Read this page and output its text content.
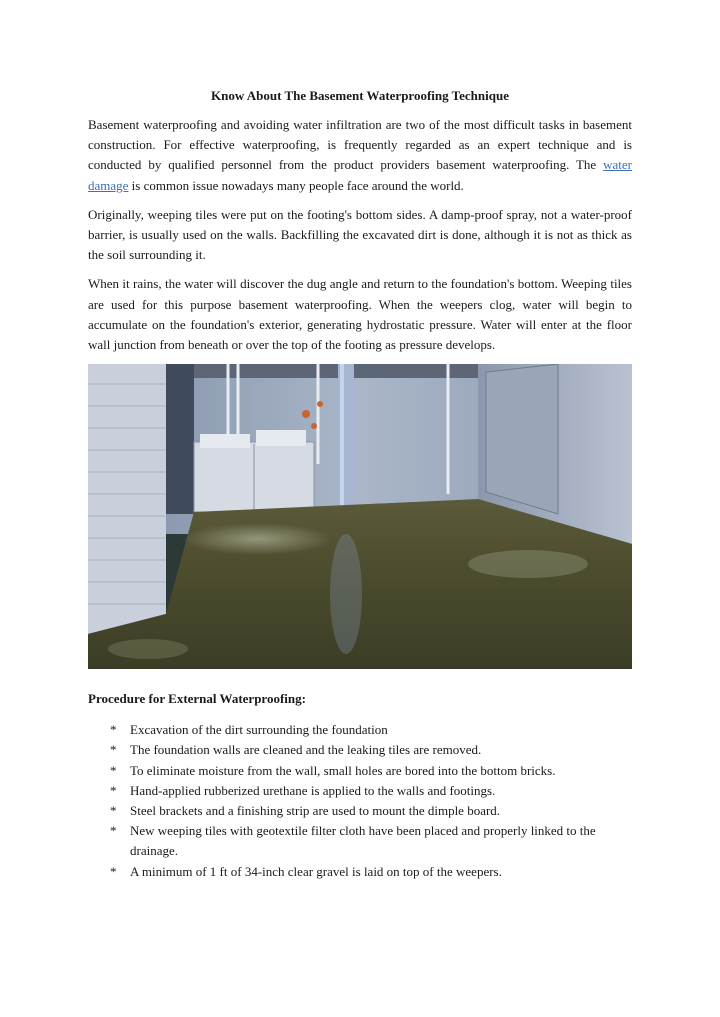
Know About The Basement Waterproofing Technique

Basement waterproofing and avoiding water infiltration are two of the most difficult tasks in basement construction. For effective waterproofing, is frequently regarded as an expert technique and is conducted by qualified personnel from the product providers basement waterproofing. The water damage is common issue nowadays many people face around the world.

Originally, weeping tiles were put on the footing's bottom sides. A damp-proof spray, not a water-proof barrier, is usually used on the walls. Backfilling the excavated dirt is done, although it is not as thick as the soil surrounding it.

When it rains, the water will discover the dug angle and return to the foundation's bottom. Weeping tiles are used for this purpose basement waterproofing. When the weepers clog, water will begin to accumulate on the foundation's exterior, generating hydrostatic pressure. Water will enter at the floor wall junction from beneath or over the top of the footing as pressure develops.

Procedure for External Waterproofing:
* Excavation of the dirt surrounding the foundation
* The foundation walls are cleaned and the leaking tiles are removed.
* To eliminate moisture from the wall, small holes are bored into the bottom bricks.
* Hand-applied rubberized urethane is applied to the walls and footings.
* Steel brackets and a finishing strip are used to mount the dimple board.
* New weeping tiles with geotextile filter cloth have been placed and properly linked to the drainage.
* A minimum of 1 ft of 34-inch clear gravel is laid on top of the weepers.
